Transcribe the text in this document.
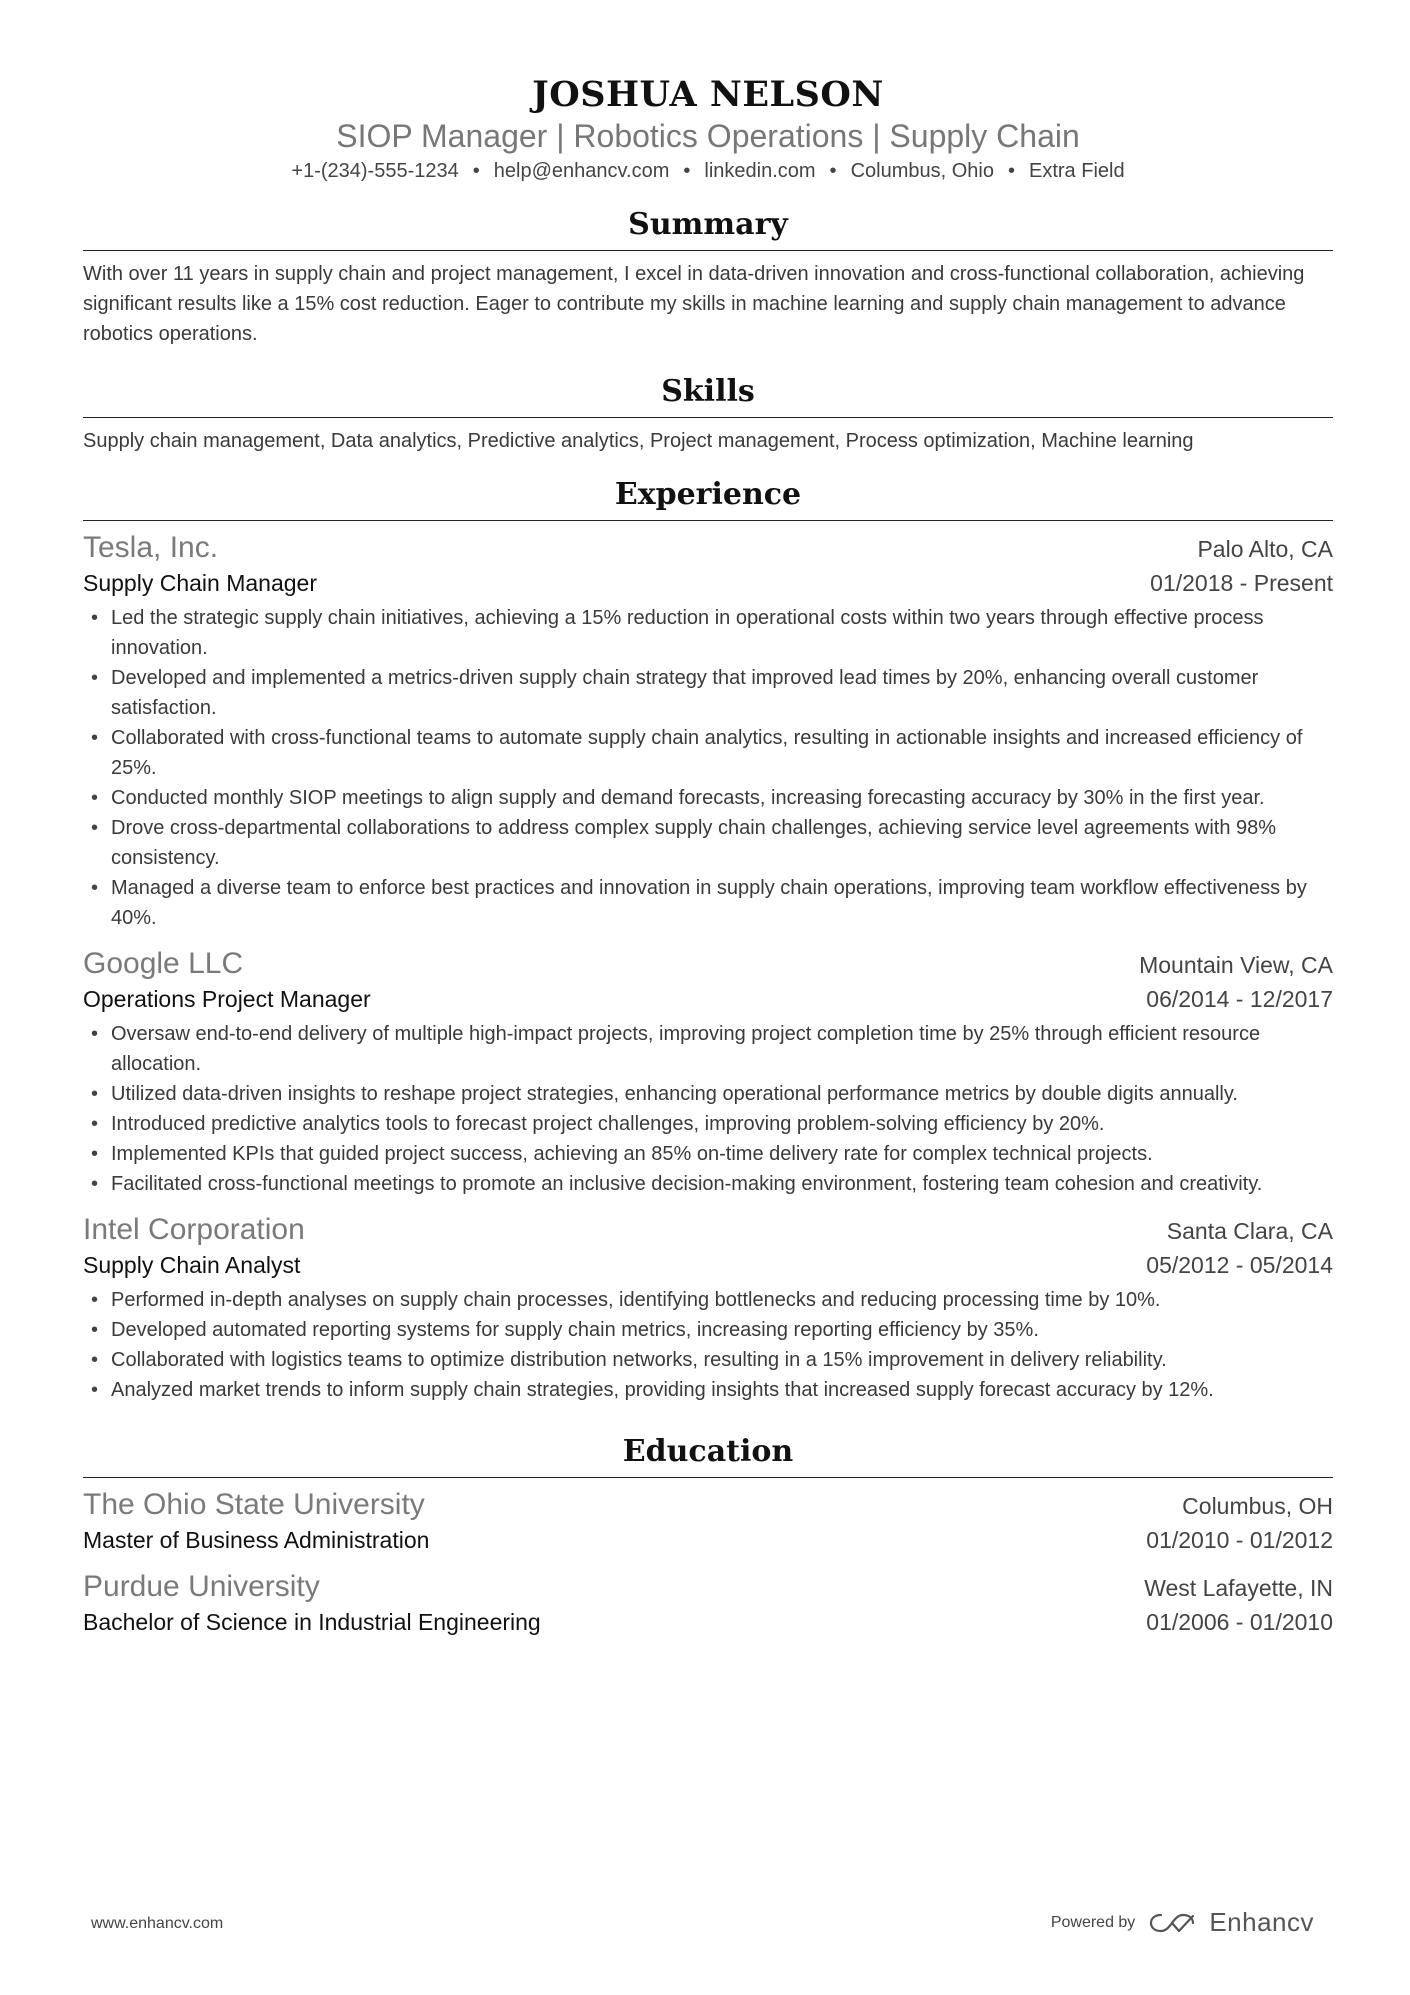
JOSHUA NELSON
SIOP Manager | Robotics Operations | Supply Chain
+1-(234)-555-1234 • help@enhancv.com • linkedin.com • Columbus, Ohio • Extra Field
Summary
With over 11 years in supply chain and project management, I excel in data-driven innovation and cross-functional collaboration, achieving significant results like a 15% cost reduction. Eager to contribute my skills in machine learning and supply chain management to advance robotics operations.
Skills
Supply chain management, Data analytics, Predictive analytics, Project management, Process optimization, Machine learning
Experience
Tesla, Inc.	Palo Alto, CA
Supply Chain Manager	01/2018 - Present
• Led the strategic supply chain initiatives, achieving a 15% reduction in operational costs within two years through effective process innovation.
• Developed and implemented a metrics-driven supply chain strategy that improved lead times by 20%, enhancing overall customer satisfaction.
• Collaborated with cross-functional teams to automate supply chain analytics, resulting in actionable insights and increased efficiency of 25%.
• Conducted monthly SIOP meetings to align supply and demand forecasts, increasing forecasting accuracy by 30% in the first year.
• Drove cross-departmental collaborations to address complex supply chain challenges, achieving service level agreements with 98% consistency.
• Managed a diverse team to enforce best practices and innovation in supply chain operations, improving team workflow effectiveness by 40%.
Google LLC	Mountain View, CA
Operations Project Manager	06/2014 - 12/2017
• Oversaw end-to-end delivery of multiple high-impact projects, improving project completion time by 25% through efficient resource allocation.
• Utilized data-driven insights to reshape project strategies, enhancing operational performance metrics by double digits annually.
• Introduced predictive analytics tools to forecast project challenges, improving problem-solving efficiency by 20%.
• Implemented KPIs that guided project success, achieving an 85% on-time delivery rate for complex technical projects.
• Facilitated cross-functional meetings to promote an inclusive decision-making environment, fostering team cohesion and creativity.
Intel Corporation	Santa Clara, CA
Supply Chain Analyst	05/2012 - 05/2014
• Performed in-depth analyses on supply chain processes, identifying bottlenecks and reducing processing time by 10%.
• Developed automated reporting systems for supply chain metrics, increasing reporting efficiency by 35%.
• Collaborated with logistics teams to optimize distribution networks, resulting in a 15% improvement in delivery reliability.
• Analyzed market trends to inform supply chain strategies, providing insights that increased supply forecast accuracy by 12%.
Education
The Ohio State University	Columbus, OH
Master of Business Administration	01/2010 - 01/2012
Purdue University	West Lafayette, IN
Bachelor of Science in Industrial Engineering	01/2006 - 01/2010
www.enhancv.com	Powered by	Enhancv
